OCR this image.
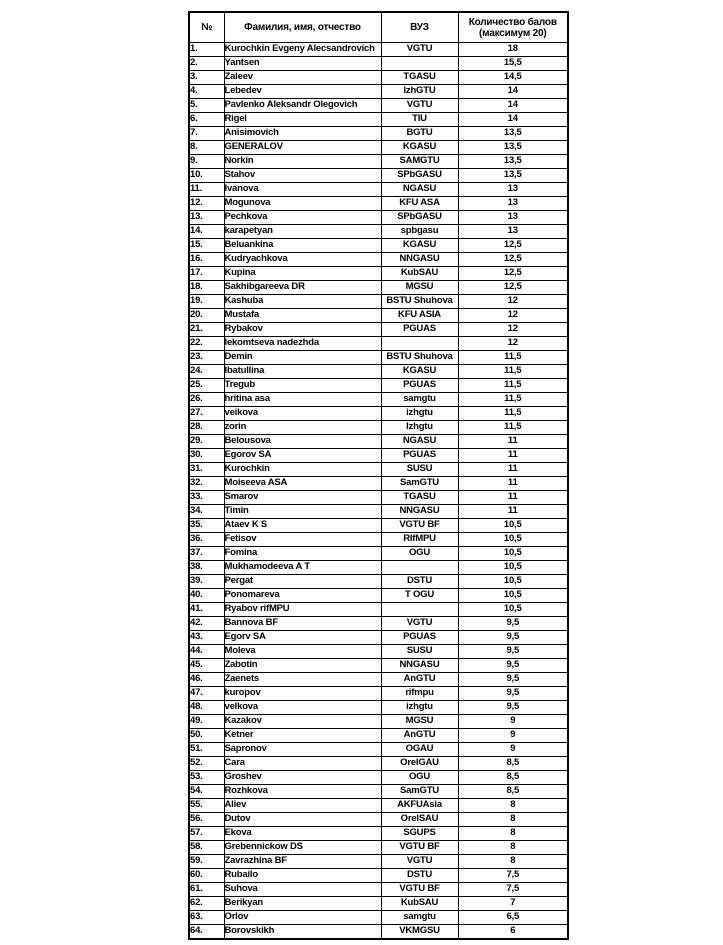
№	Фамилия, имя, отчество	ВУЗ	Количество балов
(максимум 20)

1.	Kurochkin Evgeny Alecsandrovich	VGTU	18
2.	Yantsen		15,5
3.	Zaleev	TGASU	14,5
4.	Lebedev	IzhGTU	14
5.	Pavlenko Aleksandr Olegovich	VGTU	14
6.	Rigel	TIU	14
7.	Anisimovich	BGTU	13,5
8.	GENERALOV	KGASU	13,5
9.	Norkin	SAMGTU	13,5
10.	Stahov	SPbGASU	13,5
11.	Ivanova	NGASU	13
12.	Mogunova	KFU ASA	13
13.	Pechkova	SPbGASU	13
14.	karapetyan	spbgasu	13
15.	Beluankina	KGASU	12,5
16.	Kudryachkova	NNGASU	12,5
17.	Kupina	KubSAU	12,5
18.	Sakhibgareeva DR	MGSU	12,5
19.	Kashuba	BSTU Shuhova	12
20.	Mustafa	KFU ASIA	12
21.	Rybakov	PGUAS	12
22.	lekomtseva nadezhda		12
23.	Demin	BSTU Shuhova	11,5
24.	Ibatullina	KGASU	11,5
25.	Tregub	PGUAS	11,5
26.	hritina asa	samgtu	11,5
27.	veikova	izhgtu	11,5
28.	zorin	Izhgtu	11,5
29.	Belousova	NGASU	11
30.	Egorov SA	PGUAS	11
31.	Kurochkin	SUSU	11
32.	Moiseeva ASA	SamGTU	11
33.	Smarov	TGASU	11
34.	Timin	NNGASU	11
35.	Ataev K S	VGTU BF	10,5
36.	Fetisov	RIfMPU	10,5
37.	Fomina	OGU	10,5
38.	Mukhamodeeva A T		10,5
39.	Pergat	DSTU	10,5
40.	Ponomareva	T OGU	10,5
41.	Ryabov rifMPU		10,5
42.	Bannova BF	VGTU	9,5
43.	Egorv SA	PGUAS	9,5
44.	Moleva	SUSU	9,5
45.	Zabotin	NNGASU	9,5
46.	Zaenets	AnGTU	9,5
47.	kuropov	rifmpu	9,5
48.	velkova	izhgtu	9,5
49.	Kazakov	MGSU	9
50.	Ketner	AnGTU	9
51.	Sapronov	OGAU	9
52.	Cara	OrelGAU	8,5
53.	Groshev	OGU	8,5
54.	Rozhkova	SamGTU	8,5
55.	Aliev	AKFUAsia	8
56.	Dutov	OrelSAU	8
57.	Ekova	SGUPS	8
58.	Grebennickow DS	VGTU BF	8
59.	Zavrazhina BF	VGTU	8
60.	Rubailo	DSTU	7,5
61.	Suhova	VGTU BF	7,5
62.	Berikyan	KubSAU	7
63.	Orlov	samgtu	6,5
64.	Borovskikh	VKMGSU	6
